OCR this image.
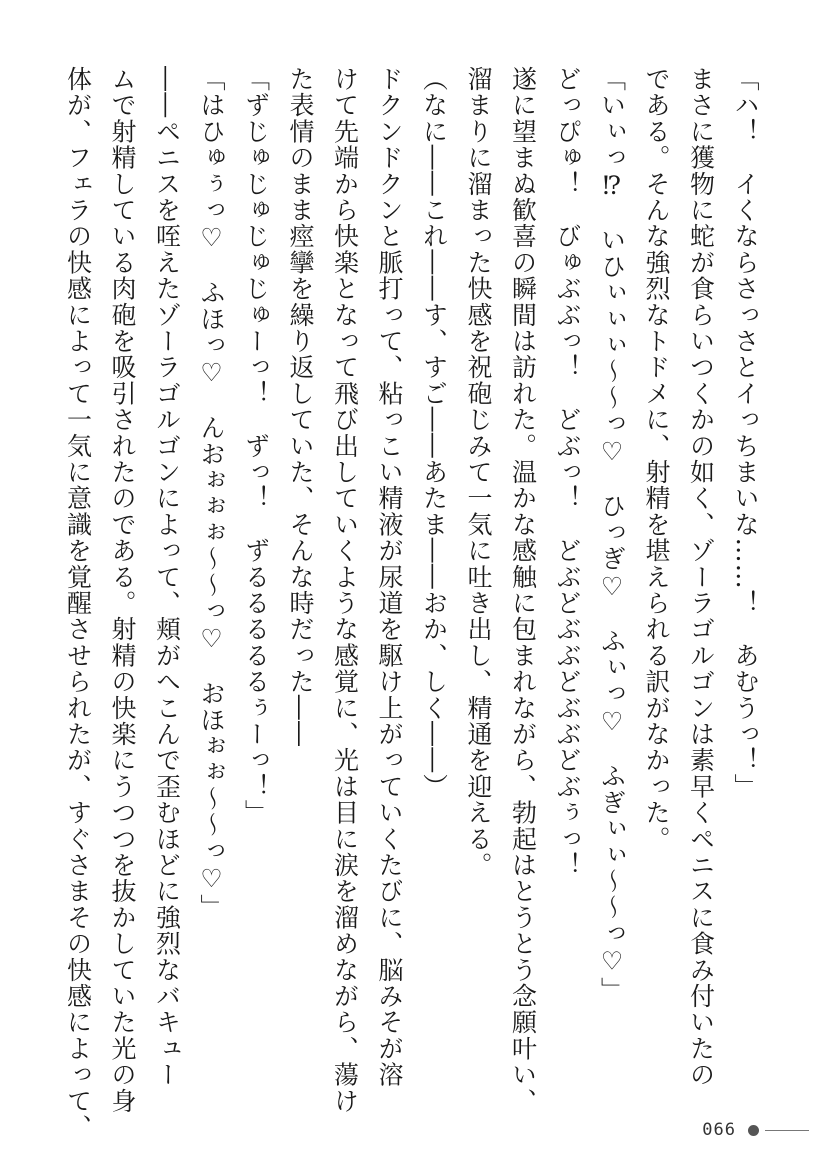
「ハ！　イくならさっさとイっちまいな……！　あむうっ！」
まさに獲物に蛇が食らいつくかの如く、ゾーラゴルゴンは素早くペニスに食み付いたの
である。そんな強烈なトドメに、射精を堪えられる訳がなかった。
「いぃっ⁉　いひぃぃぃ～～っ♡　ひっぎ♡　ふぃっ♡　ふぎぃぃ～～っ♡」
どっぴゅ！　びゅぶぶっ！　どぶっ！　どぶどぶぶどぶぶどぶぅっ！
遂に望まぬ歓喜の瞬間は訪れた。温かな感触に包まれながら、勃起はとうとう念願叶い、
溜まりに溜まった快感を祝砲じみて一気に吐き出し、精通を迎える。
（なに――これ――す、すご――あたま――おか、しく――）
ドクンドクンと脈打って、粘っこい精液が尿道を駆け上がっていくたびに、脳みそが溶
けて先端から快楽となって飛び出していくような感覚に、光は目に涙を溜めながら、蕩け
た表情のまま痙攣を繰り返していた、そんな時だった――
「ずじゅじゅじゅじゅーっ！　ずっ！　ずるるるるるぅーっ！」
「はひゅぅっ♡　ふほっ♡　んおぉぉぉ～～っ♡　おほぉぉ～～っ♡」
――ペニスを咥えたゾーラゴルゴンによって、頬がへこんで歪むほどに強烈なバキュー
ムで射精している肉砲を吸引されたのである。射精の快楽にうつつを抜かしていた光の身
体が、フェラの快感によって一気に意識を覚醒させられたが、すぐさまその快感によって、	066
